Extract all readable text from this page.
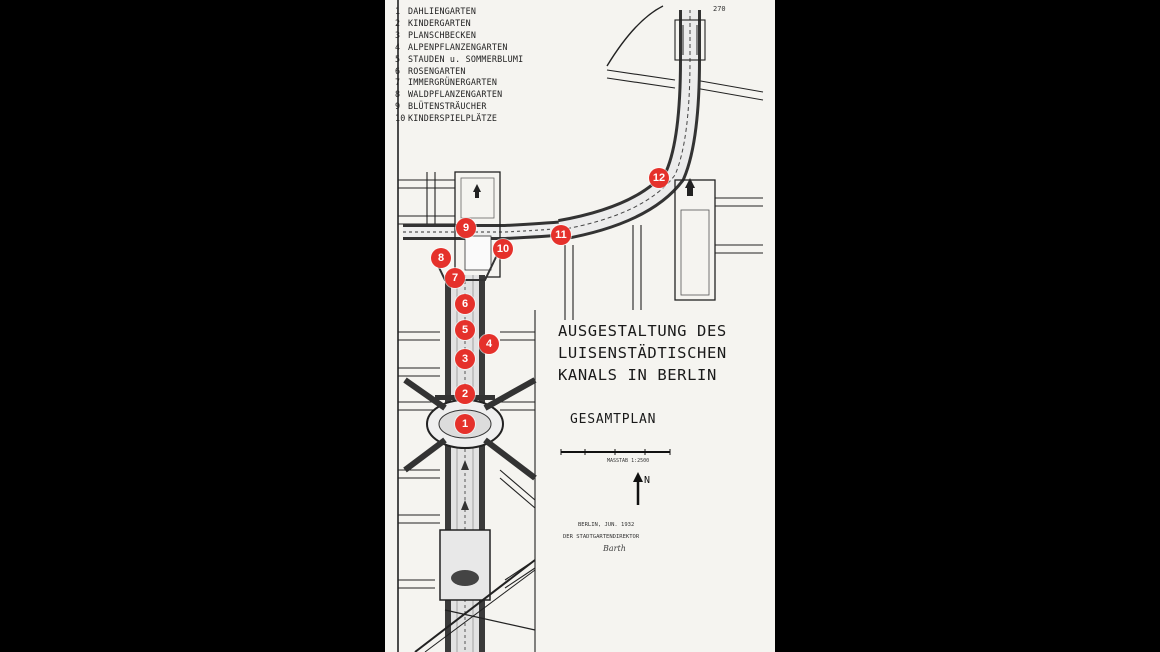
270
1 DAHLIENGARTEN
2 KINDERGARTEN
3 PLANSCHBECKEN
4 ALPENPFLANZENGARTEN
5 STAUDEN u. SOMMERBLUMI
6 ROSENGARTEN
7 IMMERGRÜNERGARTEN
8 WALDPFLANZENGARTEN
9 BLÜTENSTRÄUCHER
10 KINDERSPIELPLÄTZE
AUSGESTALTUNG DES
LUISENSTÄDTISCHEN
KANALS IN BERLIN
GESAMTPLAN
MASSTAB 1:2500
N
BERLIN, JUN. 1932
DER STADTGARTENDIREKTOR
Barth
1
2
3
4
5
6
7
8
9
10
11
12
